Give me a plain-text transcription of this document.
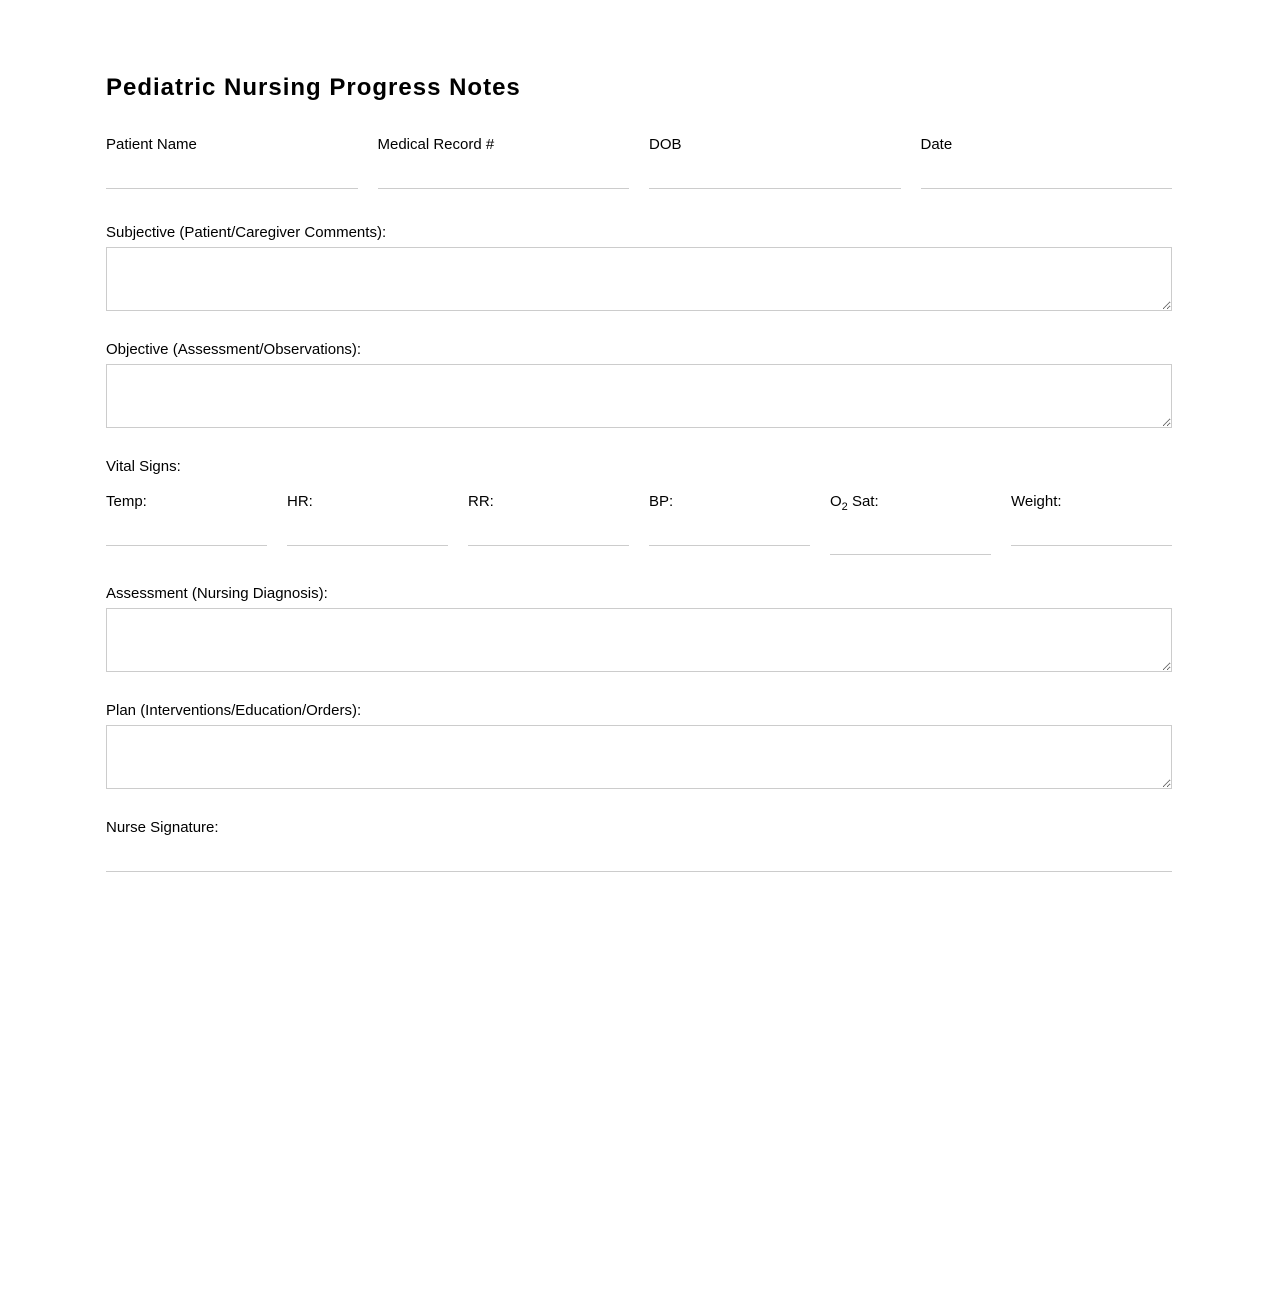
Pediatric Nursing Progress Notes
Patient Name	Medical Record #	DOB	Date
Subjective (Patient/Caregiver Comments):
Objective (Assessment/Observations):
Vital Signs:
Temp:	HR:	RR:	BP:	$O_2$ Sat:	Weight:
Assessment (Nursing Diagnosis):
Plan (Interventions/Education/Orders):
Nurse Signature:
